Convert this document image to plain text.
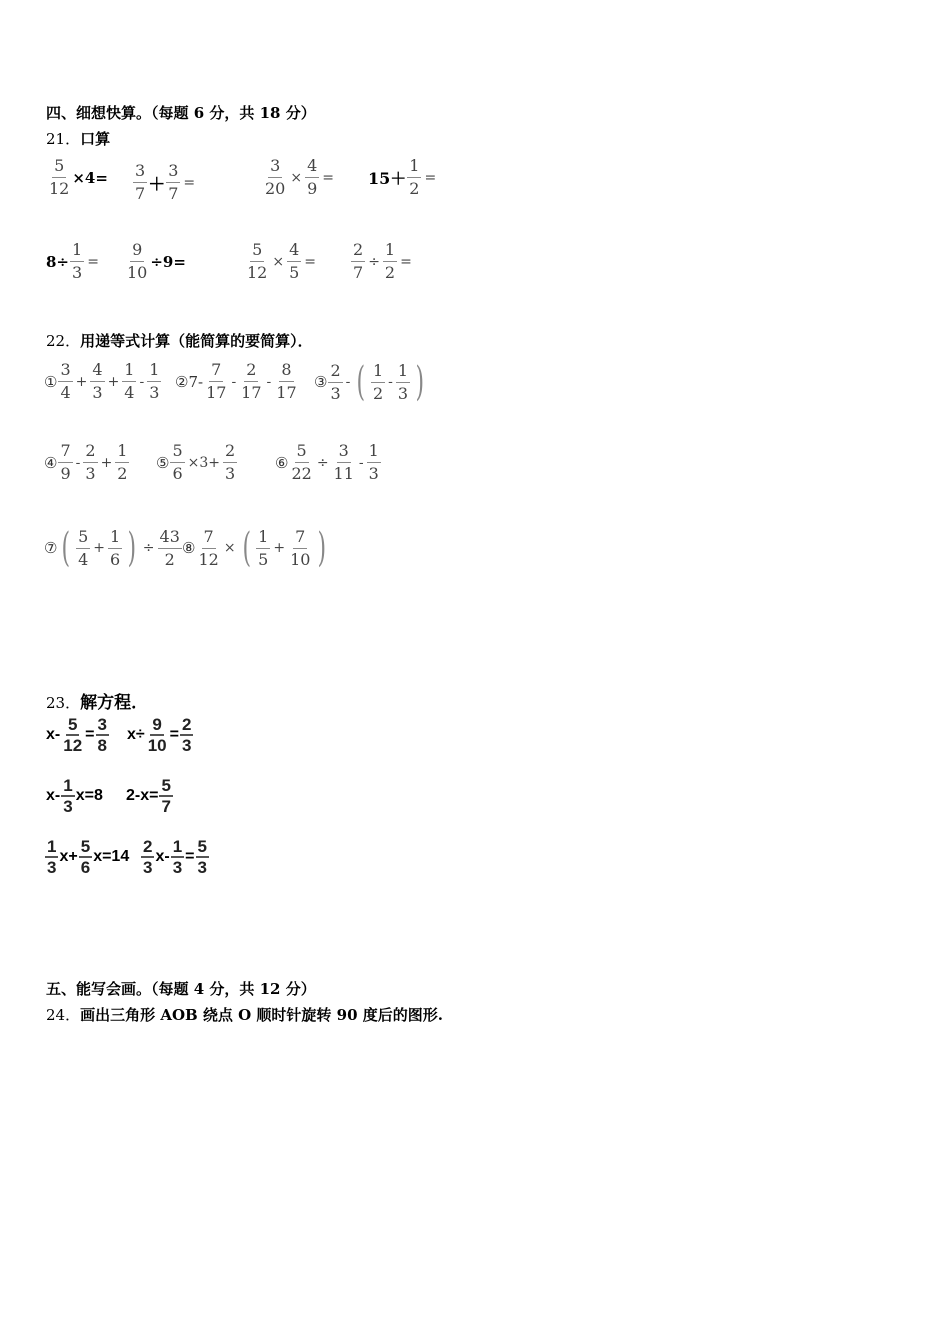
四、细想快算。（每题 6 分，共 18 分）
21．口算
$\frac{5}{12} \times 4= \frac{3}{7} + \frac{3}{7}$ =	$\frac{3}{20} \times \frac{4}{9} = 15+ \frac{1}{2}$ =
$8\div \frac{1}{3} = \frac{9}{10} \div 9=$	$\frac{5}{12} \times \frac{4}{5} = \frac{2}{7} \div \frac{1}{2}$ =
22．用递等式计算（能简算的要简算）．
① $\frac{3}{4} + \frac{4}{3} + \frac{1}{4} - \frac{1}{3}$ ② $7- \frac{7}{17} - \frac{2}{17} - \frac{8}{17}$ ③ $\frac{2}{3}$ - ( $\frac{1}{2} - \frac{1}{3}$ )
④ $\frac{7}{9} - \frac{2}{3} + \frac{1}{2}$ ⑤ $\frac{5}{6} \times 3+ \frac{2}{3}$	⑥ $\frac{5}{22} \div \frac{3}{11} - \frac{1}{3}$
⑦ ( $\frac{5}{4} + \frac{1}{6}$ ) ÷ $\frac{43}{2}$ ⑧ $\frac{7}{12}$ × ( $\frac{1}{5} + \frac{7}{10}$ )
23．解方程．
$x- \frac{5}{12} = \frac{3}{8} x\div \frac{9}{10} = \frac{2}{3}$
$x- \frac{1}{3} x=8$ $2-x= \frac{5}{7}$
$\frac{1}{3} x+ \frac{5}{6} x=14 \frac{2}{3} x- \frac{1}{3} = \frac{5}{3}$
五、能写会画。（每题 4 分，共 12 分）
24．画出三角形 AOB 绕点 O 顺时针旋转 90 度后的图形.
